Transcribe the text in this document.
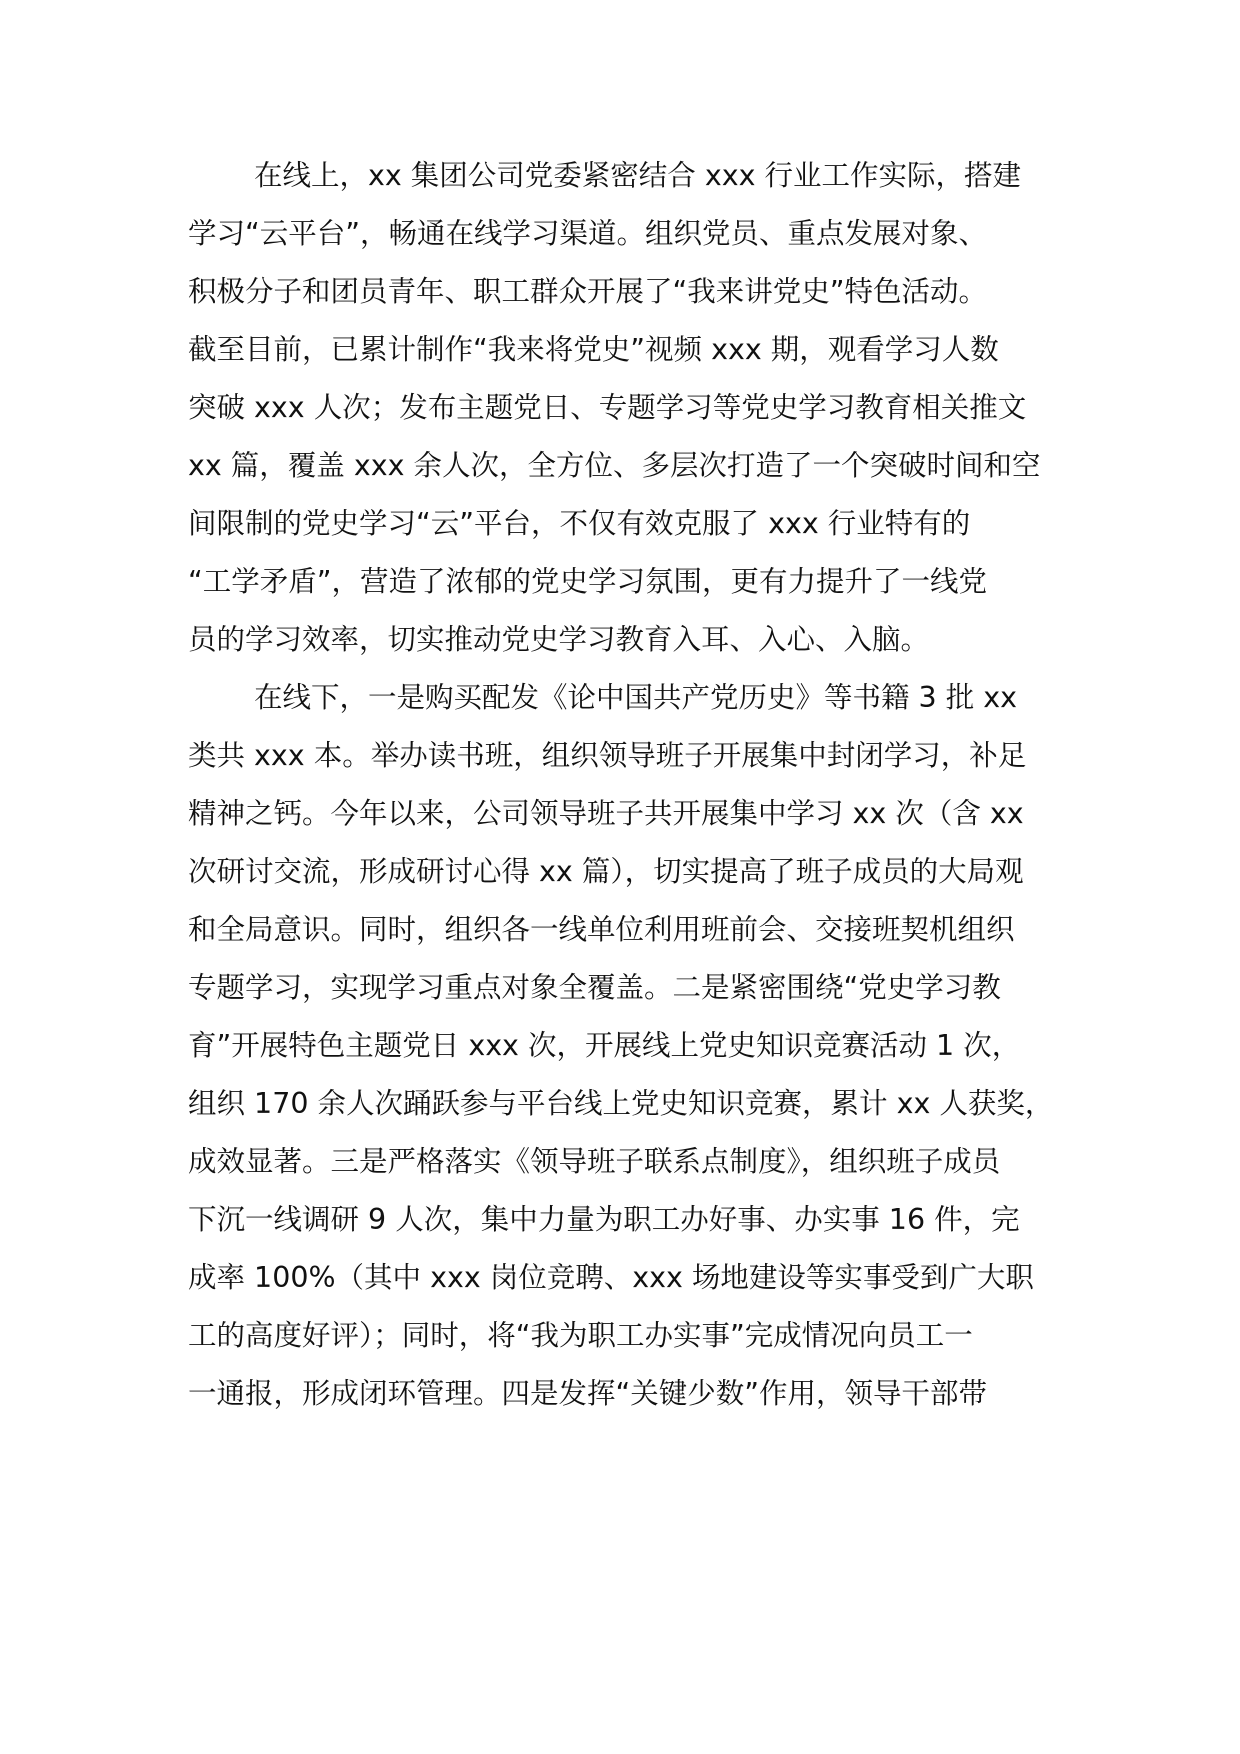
在线上，xx 集团公司党委紧密结合 xxx 行业工作实际，搭建

学习“云平台”，畅通在线学习渠道。组织党员、重点发展对象、

积极分子和团员青年、职工群众开展了“我来讲党史”特色活动。

截至目前，已累计制作“我来将党史”视频 xxx 期，观看学习人数

突破 xxx 人次；发布主题党日、专题学习等党史学习教育相关推文

xx 篇，覆盖 xxx 余人次，全方位、多层次打造了一个突破时间和空

间限制的党史学习“云”平台，不仅有效克服了 xxx 行业特有的

“工学矛盾”，营造了浓郁的党史学习氛围，更有力提升了一线党

员的学习效率，切实推动党史学习教育入耳、入心、入脑。

在线下，一是购买配发《论中国共产党历史》等书籍 3 批 xx

类共 xxx 本。举办读书班，组织领导班子开展集中封闭学习，补足

精神之钙。今年以来，公司领导班子共开展集中学习 xx 次（含 xx

次研讨交流，形成研讨心得 xx 篇），切实提高了班子成员的大局观

和全局意识。同时，组织各一线单位利用班前会、交接班契机组织

专题学习，实现学习重点对象全覆盖。二是紧密围绕“党史学习教

育”开展特色主题党日 xxx 次，开展线上党史知识竞赛活动 1 次，

组织 170 余人次踊跃参与平台线上党史知识竞赛，累计 xx 人获奖，

成效显著。三是严格落实《领导班子联系点制度》，组织班子成员

下沉一线调研 9 人次，集中力量为职工办好事、办实事 16 件，完

成率 100%（其中 xxx 岗位竞聘、xxx 场地建设等实事受到广大职

工的高度好评）；同时，将“我为职工办实事”完成情况向员工一

一通报，形成闭环管理。四是发挥“关键少数”作用，领导干部带
